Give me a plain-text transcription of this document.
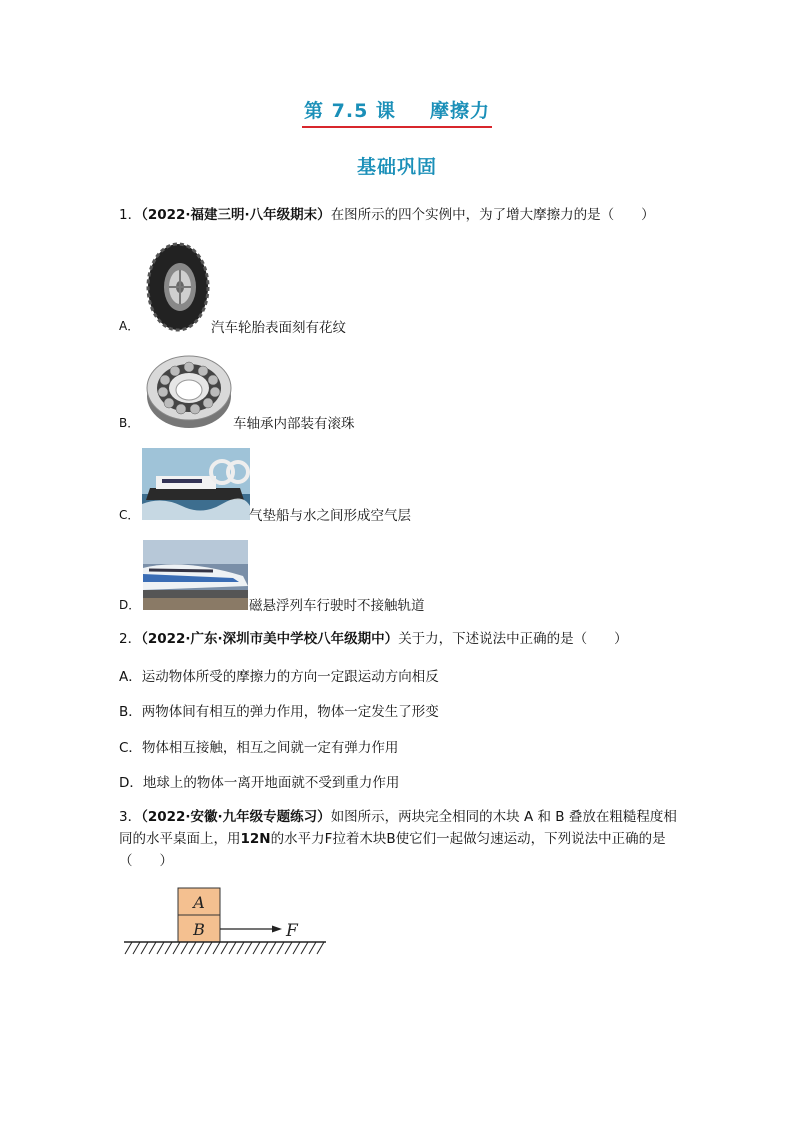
第 7.5 课 摩擦力
基础巩固
1．（2022·福建三明·八年级期末）在图所示的四个实例中，为了增大摩擦力的是（　　）
A．	汽车轮胎表面刻有花纹
B．	车轴承内部装有滚珠
C．	气垫船与水之间形成空气层
D．	磁悬浮列车行驶时不接触轨道
2．（2022·广东·深圳市美中学校八年级期中）关于力，下述说法中正确的是（　　）
A．运动物体所受的摩擦力的方向一定跟运动方向相反
B．两物体间有相互的弹力作用，物体一定发生了形变
C．物体相互接触，相互之间就一定有弹力作用
D．地球上的物体一离开地面就不受到重力作用
3．（2022·安徽·九年级专题练习）如图所示，两块完全相同的木块 A 和 B 叠放在粗糙程度相同的水平桌面上，用12N的水平力F拉着木块B使它们一起做匀速运动，下列说法中正确的是（　　）
A
B	F
